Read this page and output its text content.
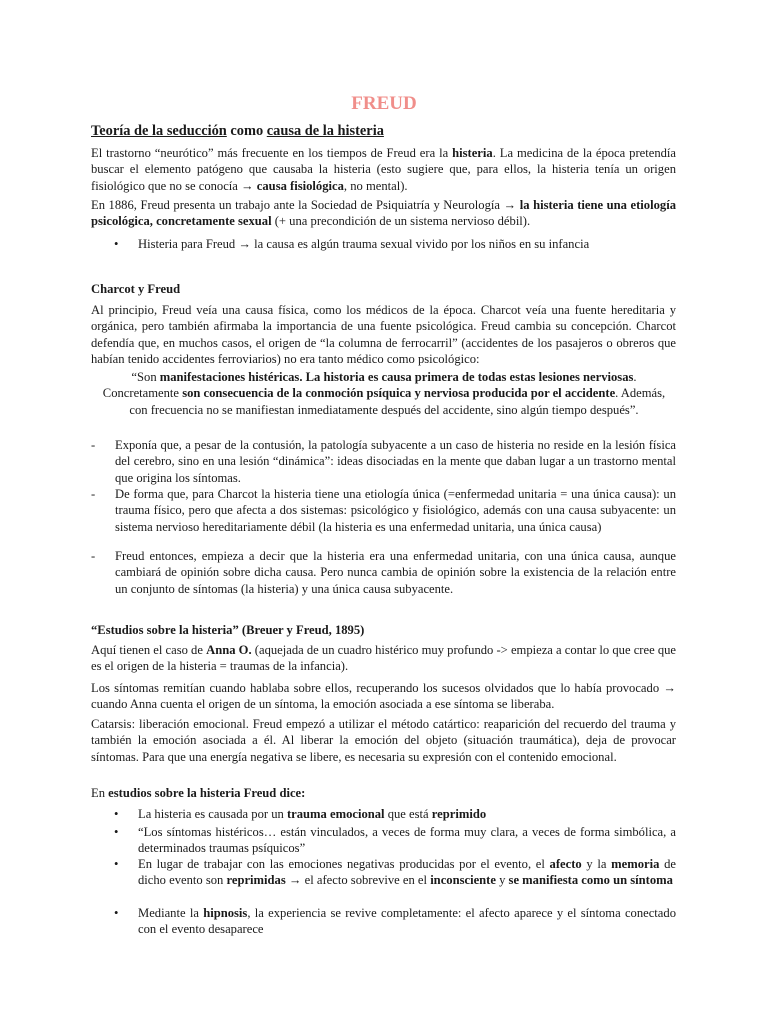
FREUD

Teoría de la seducción como causa de la histeria

El trastorno “neurótico” más frecuente en los tiempos de Freud era la histeria. La medicina de la época pretendía buscar el elemento patógeno que causaba la histeria (esto sugiere que, para ellos, la histeria tenía un origen fisiológico que no se conocía → causa fisiológica, no mental).

En 1886, Freud presenta un trabajo ante la Sociedad de Psiquiatría y Neurología → la histeria tiene una etiología psicológica, concretamente sexual (+ una precondición de un sistema nervioso débil).

• Histeria para Freud → la causa es algún trauma sexual vivido por los niños en su infancia

Charcot y Freud

Al principio, Freud veía una causa física, como los médicos de la época. Charcot veía una fuente hereditaria y orgánica, pero también afirmaba la importancia de una fuente psicológica. Freud cambia su concepción. Charcot defendía que, en muchos casos, el origen de “la columna de ferrocarril” (accidentes de los pasajeros o obreros que habían tenido accidentes ferroviarios) no era tanto médico como psicológico:

“Son manifestaciones histéricas. La historia es causa primera de todas estas lesiones nerviosas. Concretamente son consecuencia de la conmoción psíquica y nerviosa producida por el accidente. Además, con frecuencia no se manifiestan inmediatamente después del accidente, sino algún tiempo después”.

- Exponía que, a pesar de la contusión, la patología subyacente a un caso de histeria no reside en la lesión física del cerebro, sino en una lesión “dinámica”: ideas disociadas en la mente que daban lugar a un trastorno mental que origina los síntomas.
- De forma que, para Charcot la histeria tiene una etiología única (=enfermedad unitaria = una única causa): un trauma físico, pero que afecta a dos sistemas: psicológico y fisiológico, además con una causa subyacente: un sistema nervioso hereditariamente débil (la histeria es una enfermedad unitaria, una única causa)
- Freud entonces, empieza a decir que la histeria era una enfermedad unitaria, con una única causa, aunque cambiará de opinión sobre dicha causa. Pero nunca cambia de opinión sobre la existencia de la relación entre un conjunto de síntomas (la histeria) y una única causa subyacente.

“Estudios sobre la histeria” (Breuer y Freud, 1895)

Aquí tienen el caso de Anna O. (aquejada de un cuadro histérico muy profundo -> empieza a contar lo que cree que es el origen de la histeria = traumas de la infancia).

Los síntomas remitían cuando hablaba sobre ellos, recuperando los sucesos olvidados que lo había provocado → cuando Anna cuenta el origen de un síntoma, la emoción asociada a ese síntoma se liberaba.

Catarsis: liberación emocional. Freud empezó a utilizar el método catártico: reaparición del recuerdo del trauma y también la emoción asociada a él. Al liberar la emoción del objeto (situación traumática), deja de provocar síntomas. Para que una energía negativa se libere, es necesaria su expresión con el contenido emocional.

En estudios sobre la histeria Freud dice:

• La histeria es causada por un trauma emocional que está reprimido
• “Los síntomas histéricos… están vinculados, a veces de forma muy clara, a veces de forma simbólica, a determinados traumas psíquicos”
• En lugar de trabajar con las emociones negativas producidas por el evento, el afecto y la memoria de dicho evento son reprimidas → el afecto sobrevive en el inconsciente y se manifiesta como un síntoma
• Mediante la hipnosis, la experiencia se revive completamente: el afecto aparece y el síntoma conectado con el evento desaparece
